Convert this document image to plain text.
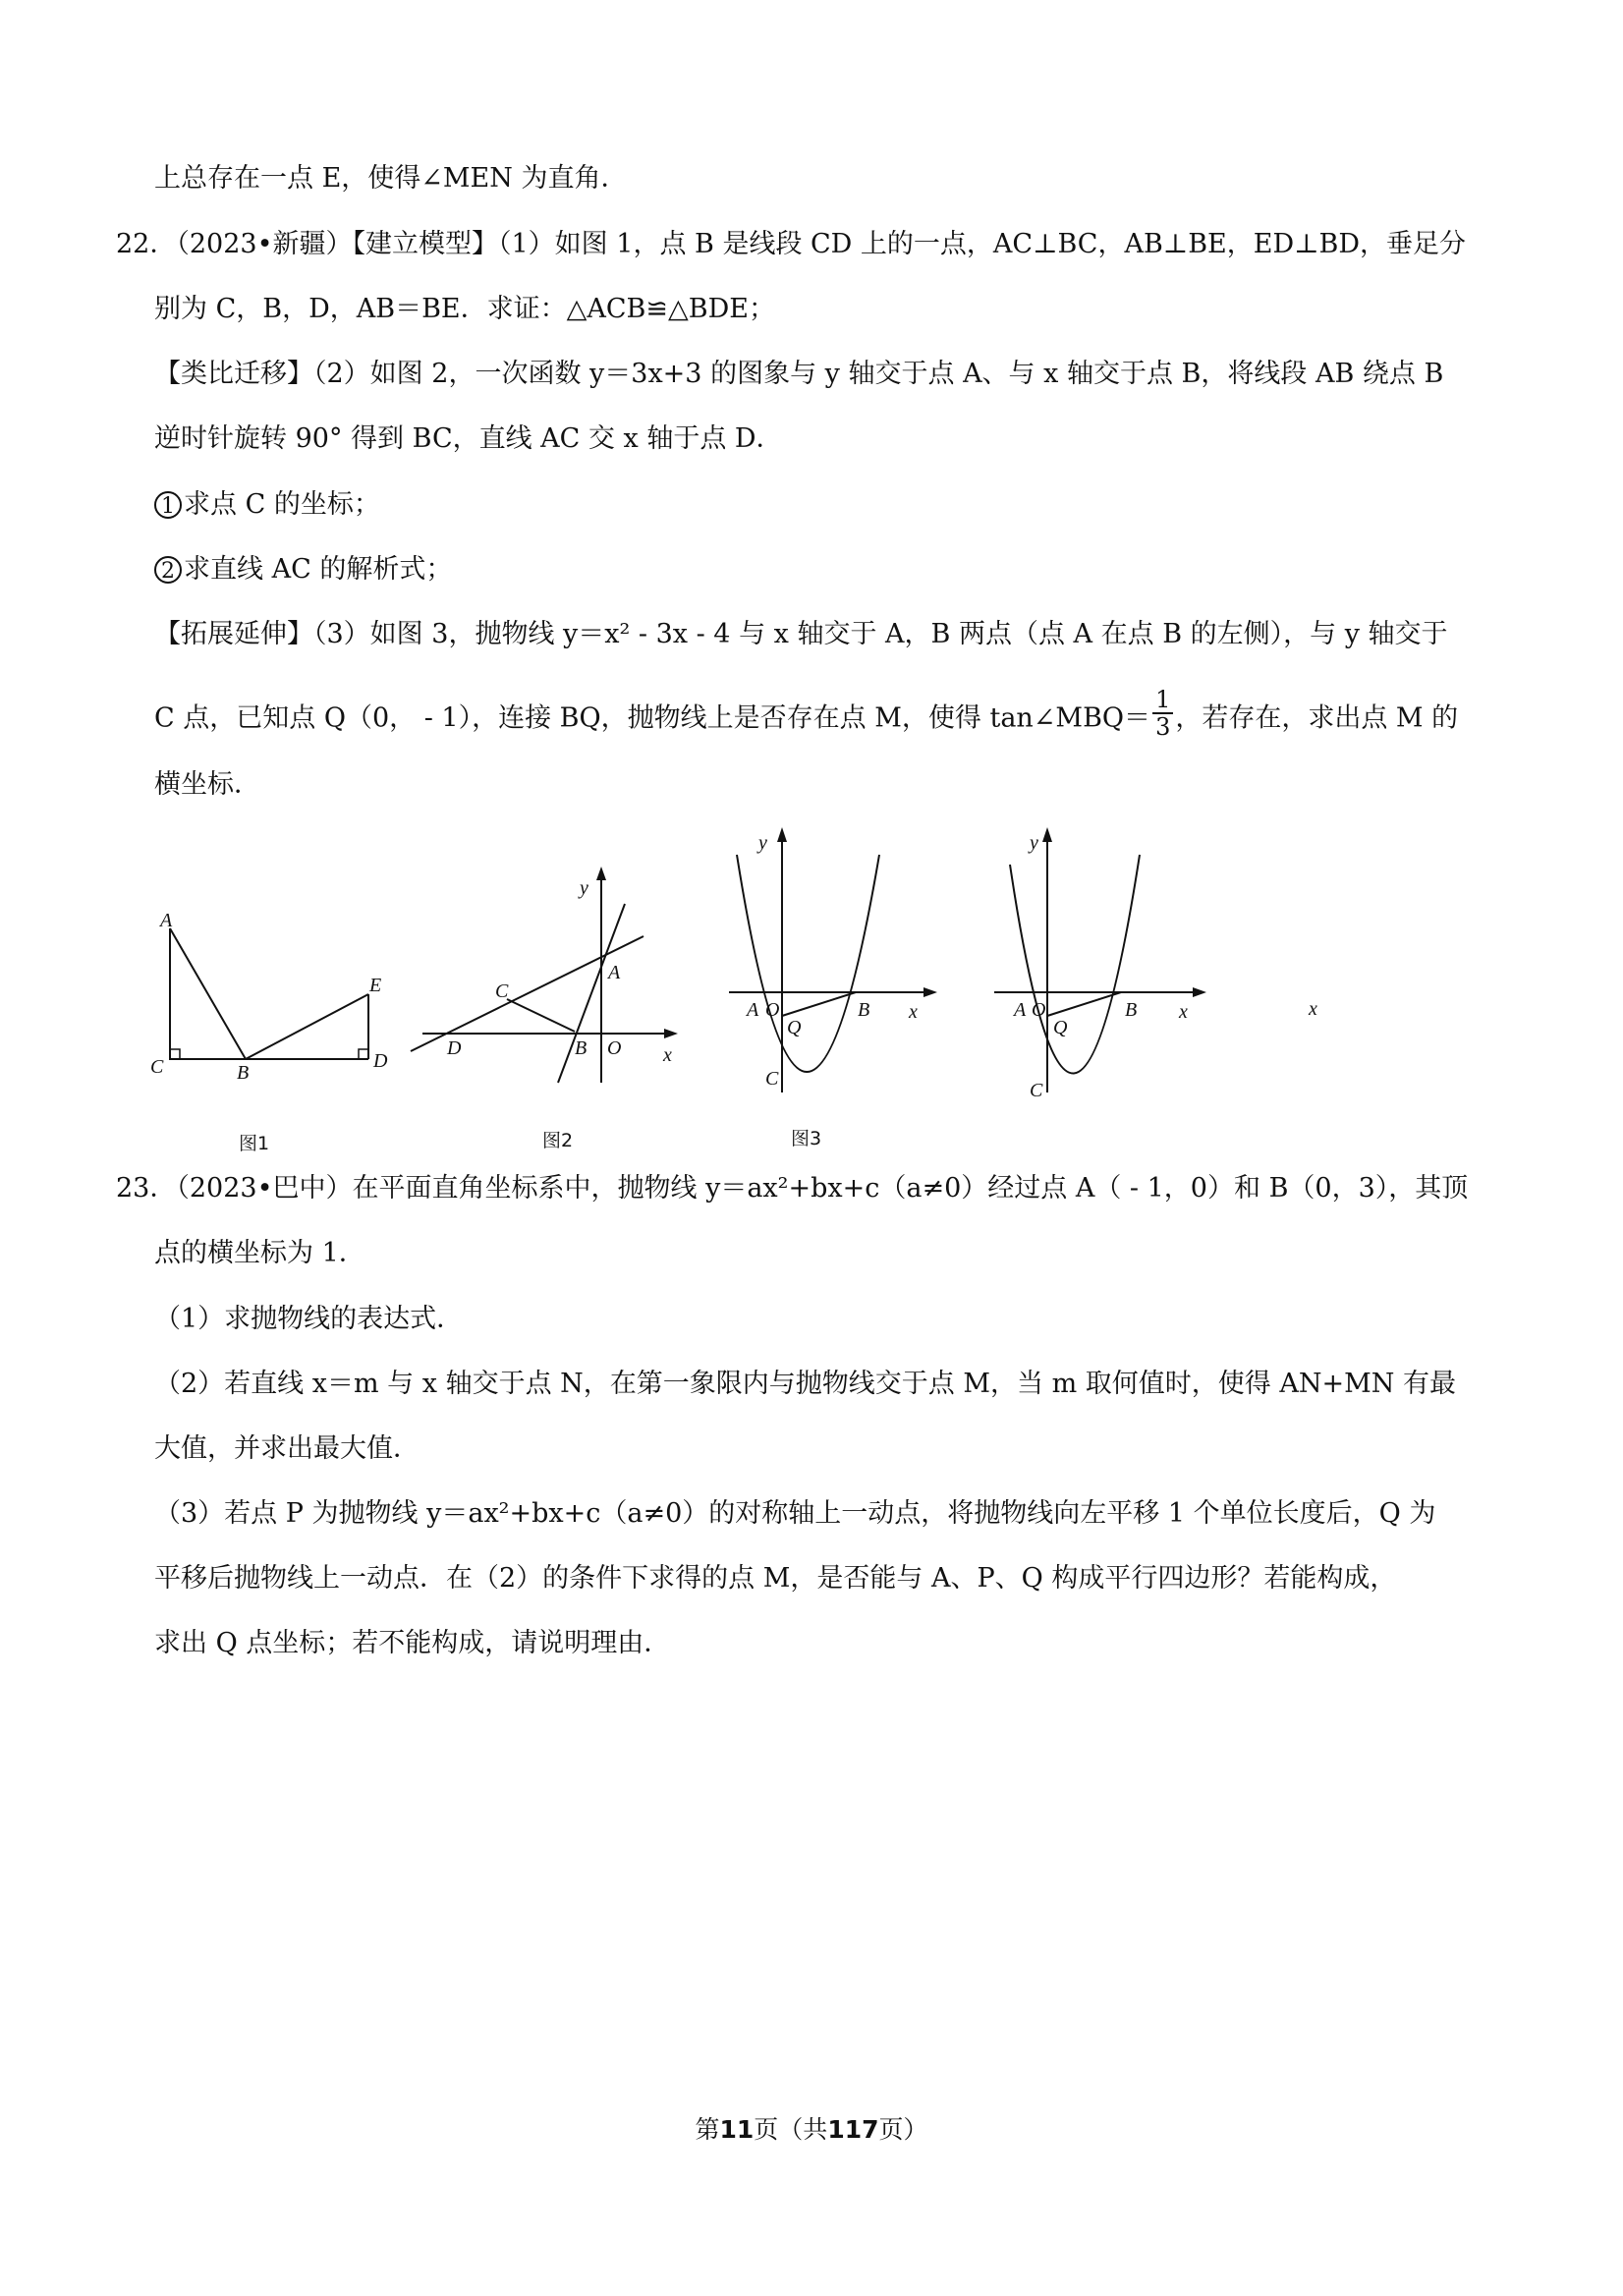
上总存在一点 E，使得∠MEN 为直角．
22．（2023•新疆）【建立模型】（1）如图 1，点 B 是线段 CD 上的一点，AC⊥BC，AB⊥BE，ED⊥BD，垂足分
别为 C，B，D，AB＝BE．求证：△ACB≌△BDE；
【类比迁移】（2）如图 2，一次函数 y＝3x+3 的图象与 y 轴交于点 A、与 x 轴交于点 B，将线段 AB 绕点 B
逆时针旋转 90° 得到 BC，直线 AC 交 x 轴于点 D．
1 求点 C 的坐标；
2 求直线 AC 的解析式；
【拓展延伸】（3）如图 3，抛物线 y＝x² - 3x - 4 与 x 轴交于 A，B 两点（点 A 在点 B 的左侧），与 y 轴交于
C 点，已知点 Q（0， - 1），连接 BQ，抛物线上是否存在点 M，使得 tan∠MBQ＝ $\frac{1}{3}$ ，若存在，求出点 M 的
横坐标．
A
C	B
D
E
图1
y
x
A
B
C
D	O
图2
y
x
A O	B
Q
C
图3
y
x
A O	B
Q
C
x
23．（2023•巴中）在平面直角坐标系中，抛物线 y＝ax²+bx+c（a≠0）经过点 A（ - 1，0）和 B（0，3），其顶
点的横坐标为 1．
（1）求抛物线的表达式．
（2）若直线 x＝m 与 x 轴交于点 N，在第一象限内与抛物线交于点 M，当 m 取何值时，使得 AN+MN 有最
大值，并求出最大值．
（3）若点 P 为抛物线 y＝ax²+bx+c（a≠0）的对称轴上一动点，将抛物线向左平移 1 个单位长度后，Q 为
平移后抛物线上一动点．在（2）的条件下求得的点 M，是否能与 A、P、Q 构成平行四边形？若能构成，
求出 Q 点坐标；若不能构成，请说明理由．
第11页（共117页）
